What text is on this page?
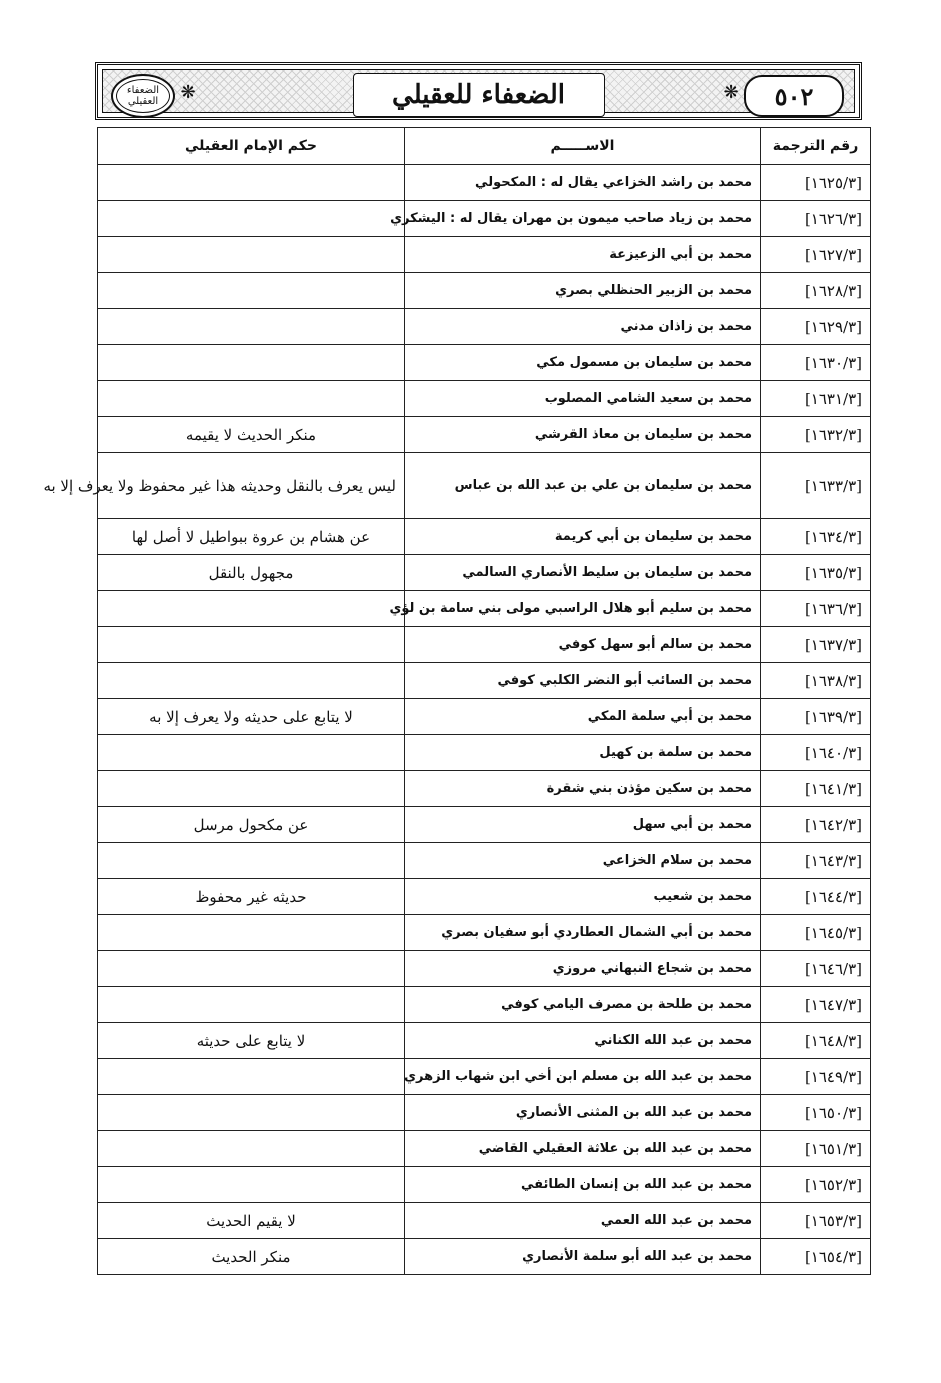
٥٠٢
❋
الضعفاء للعقيلي
❋
الضعفاء العقيلي
رقم الترجمة	الاســـــم	حكم الإمام العقيلي
[١٦٢٥/٣]	محمد بن راشد الخزاعي يقال له : المكحولي	
[١٦٢٦/٣]	محمد بن زياد صاحب ميمون بن مهران يقال له : اليشكري	
[١٦٢٧/٣]	محمد بن أبي الزعيزعة	
[١٦٢٨/٣]	محمد بن الزبير الحنظلي بصري	
[١٦٢٩/٣]	محمد بن زاذان مدني	
[١٦٣٠/٣]	محمد بن سليمان بن مسمول مكي	
[١٦٣١/٣]	محمد بن سعيد الشامي المصلوب	
[١٦٣٢/٣]	محمد بن سليمان بن معاذ القرشي	منكر الحديث لا يقيمه
[١٦٣٣/٣]	محمد بن سليمان بن علي بن عبد الله بن عباس	ليس يعرف بالنقل وحديثه هذا غير محفوظ ولا يعرف إلا به
[١٦٣٤/٣]	محمد بن سليمان بن أبي كريمة	عن هشام بن عروة ببواطيل لا أصل لها
[١٦٣٥/٣]	محمد بن سليمان بن سليط الأنصاري السالمي	مجهول بالنقل
[١٦٣٦/٣]	محمد بن سليم أبو هلال الراسبي مولى بني سامة بن لؤي	
[١٦٣٧/٣]	محمد بن سالم أبو سهل كوفي	
[١٦٣٨/٣]	محمد بن السائب أبو النضر الكلبي كوفي	
[١٦٣٩/٣]	محمد بن أبي سلمة المكي	لا يتابع على حديثه ولا يعرف إلا به
[١٦٤٠/٣]	محمد بن سلمة بن كهيل	
[١٦٤١/٣]	محمد بن سكين مؤذن بني شقرة	
[١٦٤٢/٣]	محمد بن أبي سهل	عن مكحول مرسل
[١٦٤٣/٣]	محمد بن سلام الخزاعي	
[١٦٤٤/٣]	محمد بن شعيب	حديثه غير محفوظ
[١٦٤٥/٣]	محمد بن أبي الشمال العطاردي أبو سفيان بصري	
[١٦٤٦/٣]	محمد بن شجاع النبهاني مروزي	
[١٦٤٧/٣]	محمد بن طلحة بن مصرف اليامي كوفي	
[١٦٤٨/٣]	محمد بن عبد الله الكناني	لا يتابع على حديثه
[١٦٤٩/٣]	محمد بن عبد الله بن مسلم ابن أخي ابن شهاب الزهري	
[١٦٥٠/٣]	محمد بن عبد الله بن المثنى الأنصاري	
[١٦٥١/٣]	محمد بن عبد الله بن علاثة العقيلي القاضي	
[١٦٥٢/٣]	محمد بن عبد الله بن إنسان الطائفي	
[١٦٥٣/٣]	محمد بن عبد الله العمي	لا يقيم الحديث
[١٦٥٤/٣]	محمد بن عبد الله أبو سلمة الأنصاري	منكر الحديث
